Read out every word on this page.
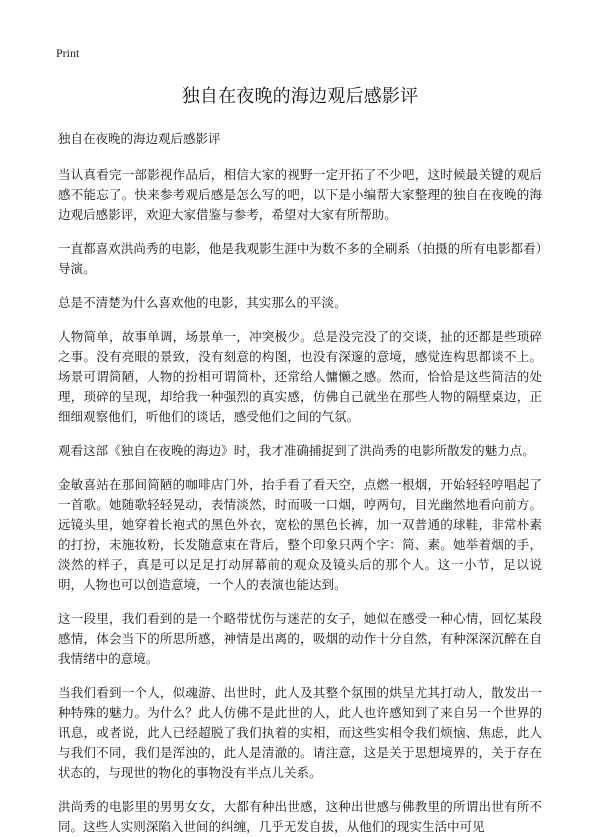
Print
独自在夜晚的海边观后感影评

独自在夜晚的海边观后感影评

当认真看完一部影视作品后，相信大家的视野一定开拓了不少吧，这时候最关键的观后感不能忘了。快来参考观后感是怎么写的吧，以下是小编帮大家整理的独自在夜晚的海边观后感影评，欢迎大家借鉴与参考，希望对大家有所帮助。

一直都喜欢洪尚秀的电影，他是我观影生涯中为数不多的全刷系（拍摄的所有电影都看）导演。

总是不清楚为什么喜欢他的电影，其实那么的平淡。

人物简单，故事单调，场景单一，冲突极少。总是没完没了的交谈，扯的还都是些琐碎之事。没有亮眼的景致，没有刻意的构图，也没有深邃的意境，感觉连构思都谈不上。场景可谓简陋，人物的扮相可谓简朴，还常给人慵懒之感。然而，恰恰是这些简洁的处理，琐碎的呈现，却给我一种强烈的真实感，仿佛自己就坐在那些人物的隔壁桌边，正细细观察他们，听他们的谈话，感受他们之间的气氛。

观看这部《独自在夜晚的海边》时，我才准确捕捉到了洪尚秀的电影所散发的魅力点。

金敏喜站在那间简陋的咖啡店门外，抬手看了看天空，点燃一根烟，开始轻轻哼唱起了一首歌。她随歌轻轻晃动，表情淡然，时而吸一口烟，哼两句，目光幽然地看向前方。远镜头里，她穿着长袍式的黑色外衣，宽松的黑色长裤，加一双普通的球鞋，非常朴素的打扮，未施妆粉，长发随意束在背后，整个印象只两个字：简、素。她举着烟的手，淡然的样子，真是可以足足打动屏幕前的观众及镜头后的那个人。这一小节，足以说明，人物也可以创造意境，一个人的表演也能达到。

这一段里，我们看到的是一个略带忧伤与迷茫的女子，她似在感受一种心情，回忆某段感情，体会当下的所思所感，神情是出离的，吸烟的动作十分自然，有种深深沉醉在自我情绪中的意境。

当我们看到一个人，似魂游、出世时，此人及其整个氛围的烘呈尤其打动人，散发出一种特殊的魅力。为什么？此人仿佛不是此世的人，此人也许感知到了来自另一个世界的讯息，或者说，此人已经超脱了我们执着的实相，而这些实相令我们烦恼、焦虑，此人与我们不同，我们是浑浊的，此人是清澈的。请注意，这是关于思想境界的，关于存在状态的，与现世的物化的事物没有半点儿关系。

洪尚秀的电影里的男男女女，大都有种出世感，这种出世感与佛教里的所谓出世有所不同。这些人实则深陷入世间的纠缠，几乎无发自拔，从他们的现实生活中可见
